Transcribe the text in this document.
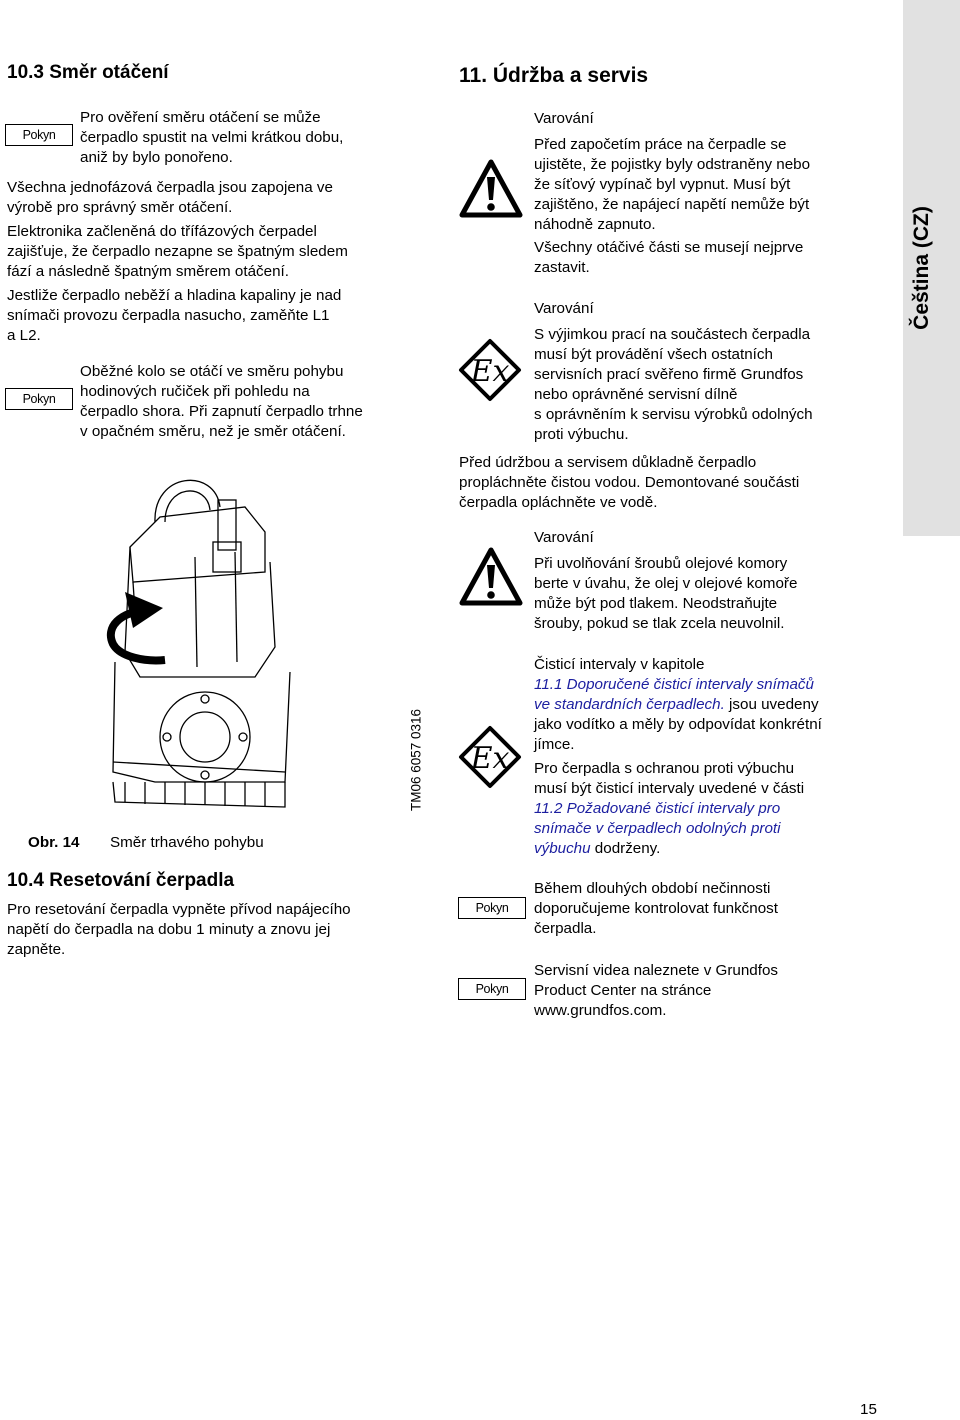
Čeština (CZ)
10.3 Směr otáčení
Pokyn
Pro ověření směru otáčení se může
čerpadlo spustit na velmi krátkou dobu,
aniž by bylo ponořeno.
Všechna jednofázová čerpadla jsou zapojena ve
výrobě pro správný směr otáčení.
Elektronika začleněná do třífázových čerpadel
zajišťuje, že čerpadlo nezapne se špatným sledem
fází a následně špatným směrem otáčení.
Jestliže čerpadlo neběží a hladina kapaliny je nad
snímači provozu čerpadla nasucho, zaměňte L1
a L2.
Pokyn
Oběžné kolo se otáčí ve směru pohybu
hodinových ručiček při pohledu na
čerpadlo shora. Při zapnutí čerpadlo trhne
v opačném směru, než je směr otáčení.
TM06 6057 0316
Obr. 14 Směr trhavého pohybu
10.4 Resetování čerpadla
Pro resetování čerpadla vypněte přívod napájecího
napětí do čerpadla na dobu 1 minuty a znovu jej
zapněte.
11. Údržba a servis
Varování
Před započetím práce na čerpadle se
ujistěte, že pojistky byly odstraněny nebo
že síťový vypínač byl vypnut. Musí být
zajištěno, že napájecí napětí nemůže být
náhodně zapnuto.
Všechny otáčivé části se musejí nejprve
zastavit.
Ex
Varování
S výjimkou prací na součástech čerpadla
musí být provádění všech ostatních
servisních prací svěřeno firmě Grundfos
nebo oprávněné servisní dílně
s oprávněním k servisu výrobků odolných
proti výbuchu.
Před údržbou a servisem důkladně čerpadlo
propláchněte čistou vodou. Demontované součásti
čerpadla opláchněte ve vodě.
Varování
Při uvolňování šroubů olejové komory
berte v úvahu, že olej v olejové komoře
může být pod tlakem. Neodstraňujte
šrouby, pokud se tlak zcela neuvolnil.
Ex
Čisticí intervaly v kapitole
11.1 Doporučené čisticí intervaly snímačů
ve standardních čerpadlech. jsou uvedeny
jako vodítko a měly by odpovídat konkrétní
jímce.
Pro čerpadla s ochranou proti výbuchu
musí být čisticí intervaly uvedené v části
11.2 Požadované čisticí intervaly pro
snímače v čerpadlech odolných proti
výbuchu dodrženy.
Pokyn
Během dlouhých období nečinnosti
doporučujeme kontrolovat funkčnost
čerpadla.
Pokyn
Servisní videa naleznete v Grundfos
Product Center na stránce
www.grundfos.com.
15
